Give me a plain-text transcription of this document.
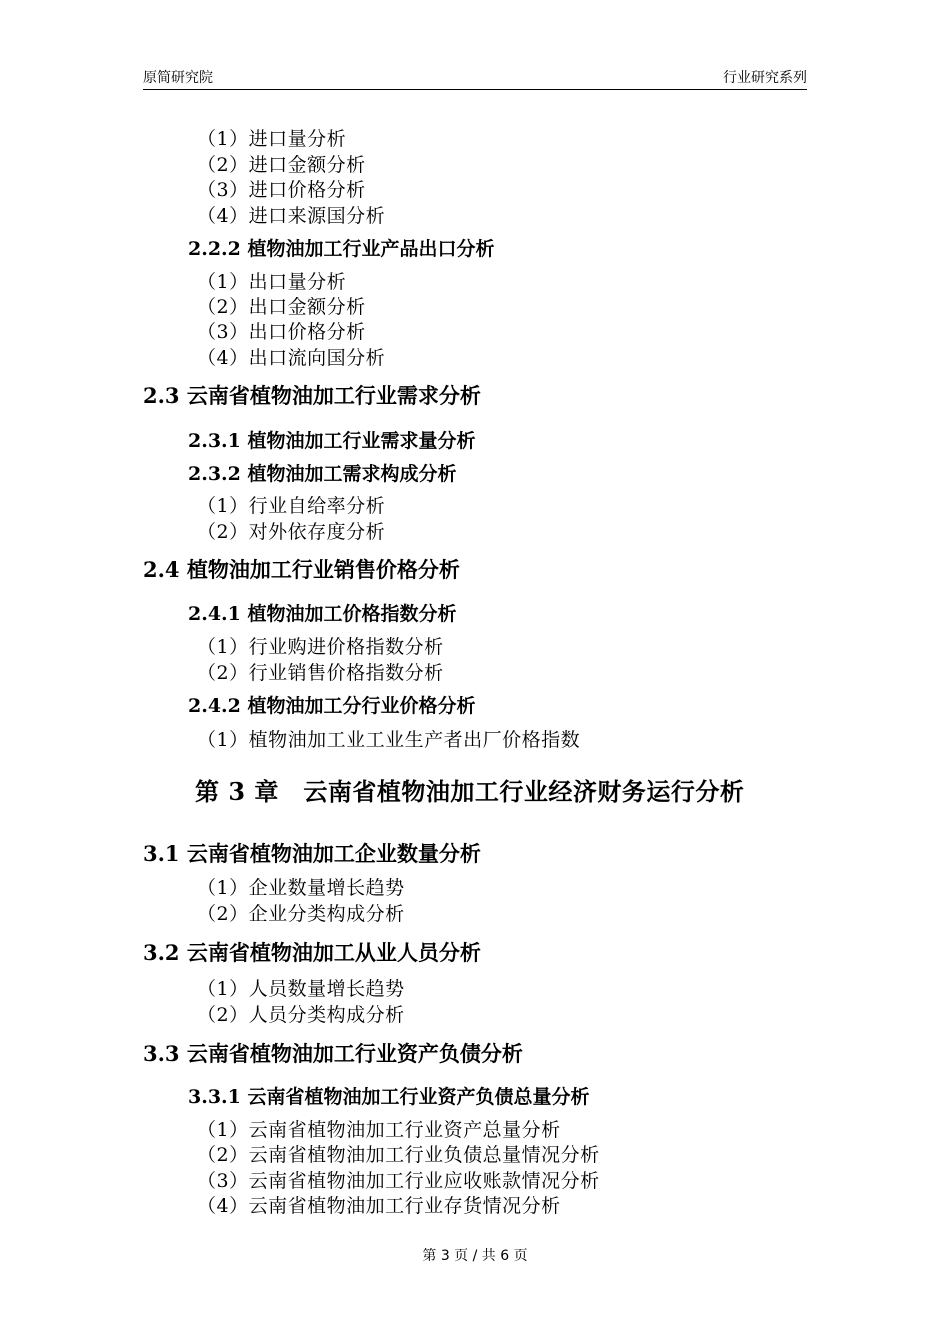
原简研究院	行业研究系列
（1）进口量分析
（2）进口金额分析
（3）进口价格分析
（4）进口来源国分析
2.2.2 植物油加工行业产品出口分析
（1）出口量分析
（2）出口金额分析
（3）出口价格分析
（4）出口流向国分析
2.3 云南省植物油加工行业需求分析
2.3.1 植物油加工行业需求量分析
2.3.2 植物油加工需求构成分析
（1）行业自给率分析
（2）对外依存度分析
2.4 植物油加工行业销售价格分析
2.4.1 植物油加工价格指数分析
（1）行业购进价格指数分析
（2）行业销售价格指数分析
2.4.2 植物油加工分行业价格分析
（1）植物油加工业工业生产者出厂价格指数
第 3 章　云南省植物油加工行业经济财务运行分析
3.1 云南省植物油加工企业数量分析
（1）企业数量增长趋势
（2）企业分类构成分析
3.2 云南省植物油加工从业人员分析
（1）人员数量增长趋势
（2）人员分类构成分析
3.3 云南省植物油加工行业资产负债分析
3.3.1 云南省植物油加工行业资产负债总量分析
（1）云南省植物油加工行业资产总量分析
（2）云南省植物油加工行业负债总量情况分析
（3）云南省植物油加工行业应收账款情况分析
（4）云南省植物油加工行业存货情况分析
第 3 页 / 共 6 页
